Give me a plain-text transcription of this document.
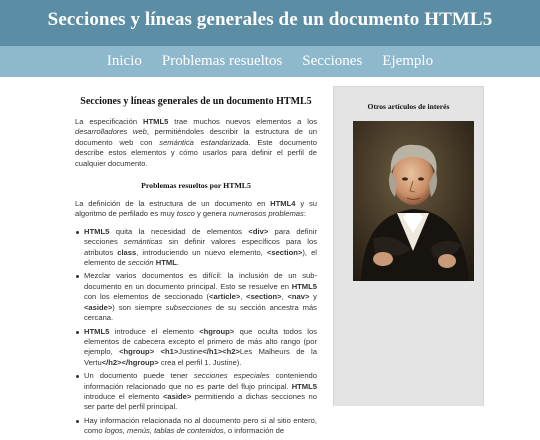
Secciones y líneas generales de un documento HTML5
Inicio	Problemas resueltos	Secciones	Ejemplo
Secciones y líneas generales de un documento HTML5

La especificación HTML5 trae muchos nuevos elementos a los desarrolladores web, permitiéndoles describir la estructura de un documento web con semántica estandarizada. Este documento describe estos elementos y cómo usarlos para definir el perfil de cualquier documento.

Problemas resueltos por HTML5

La definición de la estructura de un documento en HTML4 y su algoritmo de perfilado es muy tosco y genera numerosos problemas:

HTML5 quita la necesidad de elementos <div> para definir secciones semánticas sin definir valores específicos para los atributos class, introduciendo un nuevo elemento, <section>), el elemento de sección HTML.
Mezclar varios documentos es difícil: la inclusión de un sub-documento en un documento principal. Esto se resuelve en HTML5 con los elementos de seccionado (<article>, <section>, <nav> y <aside>) son siempre subsecciones de su sección ancestra más cercana.
HTML5 introduce el elemento <hgroup> que oculta todos los elementos de cabecera excepto el primero de más alto rango (por ejemplo, <hgroup> <h1>Justine</h1><h2>Les Malheurs de la Vertu</h2></hgroup> crea el perfil 1. Justine).
Un documento puede tener secciones especiales conteniendo información relacionado que no es parte del flujo principal. HTML5 introduce el elemento <aside> permitiendo a dichas secciones no ser parte del perfil principal.
Hay información relacionada no al documento pero si al sitio entero, como logos, menús, tablas de contenidos, o información de
Otros artículos de interés
